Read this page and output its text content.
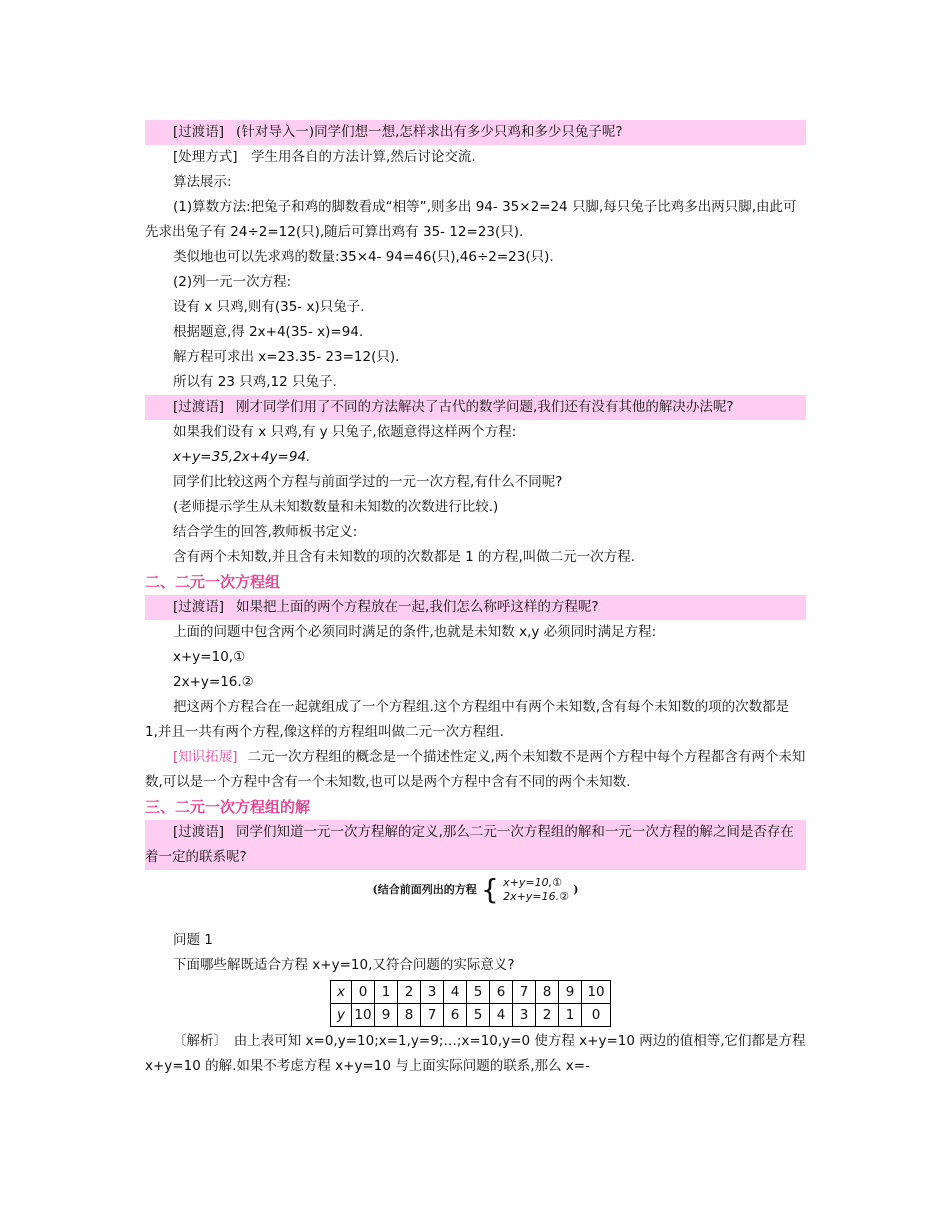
[过渡语] (针对导入一)同学们想一想,怎样求出有多少只鸡和多少只兔子呢?
[处理方式]　学生用各自的方法计算,然后讨论交流.
算法展示:
(1)算数方法:把兔子和鸡的脚数看成“相等”,则多出 94- 35×2=24 只脚,每只兔子比鸡多出两只脚,由此可先求出兔子有 24÷2=12(只),随后可算出鸡有 35- 12=23(只).
类似地也可以先求鸡的数量:35×4- 94=46(只),46÷2=23(只).
(2)列一元一次方程:
设有 x 只鸡,则有(35- x)只兔子.
根据题意,得 2x+4(35- x)=94.
解方程可求出 x=23.35- 23=12(只).
所以有 23 只鸡,12 只兔子.
[过渡语] 刚才同学们用了不同的方法解决了古代的数学问题,我们还有没有其他的解决办法呢?
如果我们设有 x 只鸡,有 y 只兔子,依题意得这样两个方程:
x+y=35,2x+4y=94.
同学们比较这两个方程与前面学过的一元一次方程,有什么不同呢?
(老师提示学生从未知数数量和未知数的次数进行比较.)
结合学生的回答,教师板书定义:
含有两个未知数,并且含有未知数的项的次数都是 1 的方程,叫做二元一次方程.
二、二元一次方程组
[过渡语] 如果把上面的两个方程放在一起,我们怎么称呼这样的方程呢?
上面的问题中包含两个必须同时满足的条件,也就是未知数 x,y 必须同时满足方程:
x+y=10,①
2x+y=16.②
把这两个方程合在一起就组成了一个方程组.这个方程组中有两个未知数,含有每个未知数的项的次数都是 1,并且一共有两个方程,像这样的方程组叫做二元一次方程组.
[知识拓展] 二元一次方程组的概念是一个描述性定义,两个未知数不是两个方程中每个方程都含有两个未知数,可以是一个方程中含有一个未知数,也可以是两个方程中含有不同的两个未知数.
三、二元一次方程组的解
[过渡语] 同学们知道一元一次方程解的定义,那么二元一次方程组的解和一元一次方程的解之间是否存在着一定的联系呢?
(结合前面列出的方程 { x+y=10,①
2x+y=16.②
)
问题 1
下面哪些解既适合方程 x+y=10,又符合问题的实际意义?
x	0	1	2	3	4	5	6	7	8	9	10
y	10	9	8	7	6	5	4	3	2	1	0
〔解析〕　由上表可知 x=0,y=10;x=1,y=9;…;x=10,y=0 使方程 x+y=10 两边的值相等,它们都是方程 x+y=10 的解.如果不考虑方程 x+y=10 与上面实际问题的联系,那么 x=-
